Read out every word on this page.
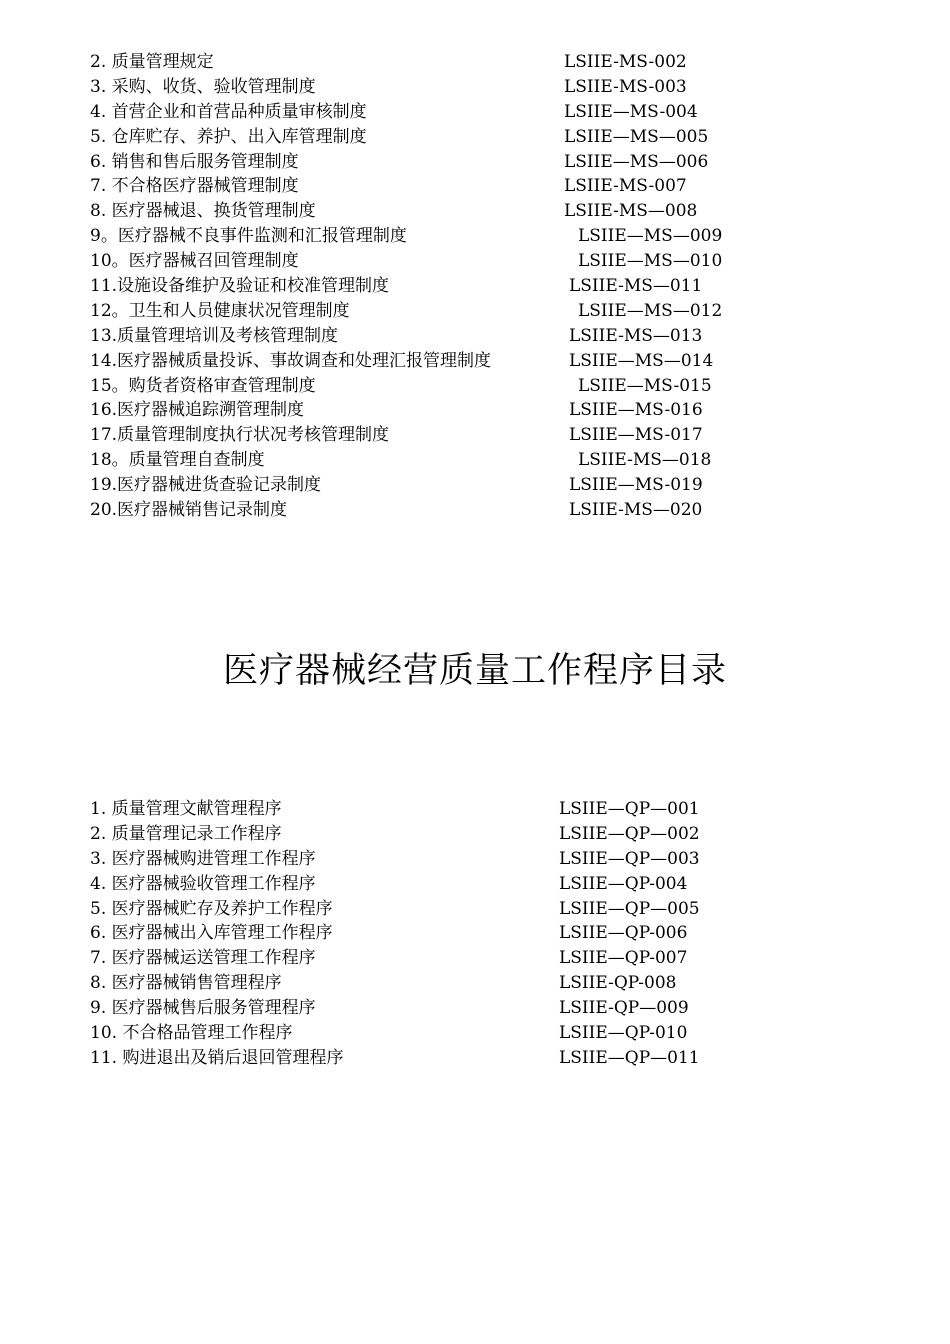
2. 质量管理规定	LSIIE-MS-002
3. 采购、收货、验收管理制度	LSIIE-MS-003
4. 首营企业和首营品种质量审核制度	LSIIE—MS-004
5. 仓库贮存、养护、出入库管理制度	LSIIE—MS—005
6. 销售和售后服务管理制度	LSIIE—MS—006
7. 不合格医疗器械管理制度	LSIIE-MS-007
8. 医疗器械退、换货管理制度	LSIIE-MS—008
9。医疗器械不良事件监测和汇报管理制度	LSIIE—MS—009
10。医疗器械召回管理制度	LSIIE—MS—010
11.设施设备维护及验证和校准管理制度	LSIIE-MS—011
12。卫生和人员健康状况管理制度	LSIIE—MS—012
13.质量管理培训及考核管理制度	LSIIE-MS—013
14.医疗器械质量投诉、事故调查和处理汇报管理制度	LSIIE—MS—014
15。购货者资格审查管理制度	LSIIE—MS-015
16.医疗器械追踪溯管理制度	LSIIE—MS-016
17.质量管理制度执行状况考核管理制度	LSIIE—MS-017
18。质量管理自查制度	LSIIE-MS—018
19.医疗器械进货查验记录制度	LSIIE—MS-019
20.医疗器械销售记录制度	LSIIE-MS—020
医疗器械经营质量工作程序目录
1. 质量管理文献管理程序	LSIIE—QP—001
2. 质量管理记录工作程序	LSIIE—QP—002
3. 医疗器械购进管理工作程序	LSIIE—QP—003
4. 医疗器械验收管理工作程序	LSIIE—QP-004
5. 医疗器械贮存及养护工作程序	LSIIE—QP—005
6. 医疗器械出入库管理工作程序	LSIIE—QP-006
7. 医疗器械运送管理工作程序	LSIIE—QP-007
8. 医疗器械销售管理程序	LSIIE-QP-008
9. 医疗器械售后服务管理程序	LSIIE-QP—009
10. 不合格品管理工作程序	LSIIE—QP-010
11. 购进退出及销后退回管理程序	LSIIE—QP—011
